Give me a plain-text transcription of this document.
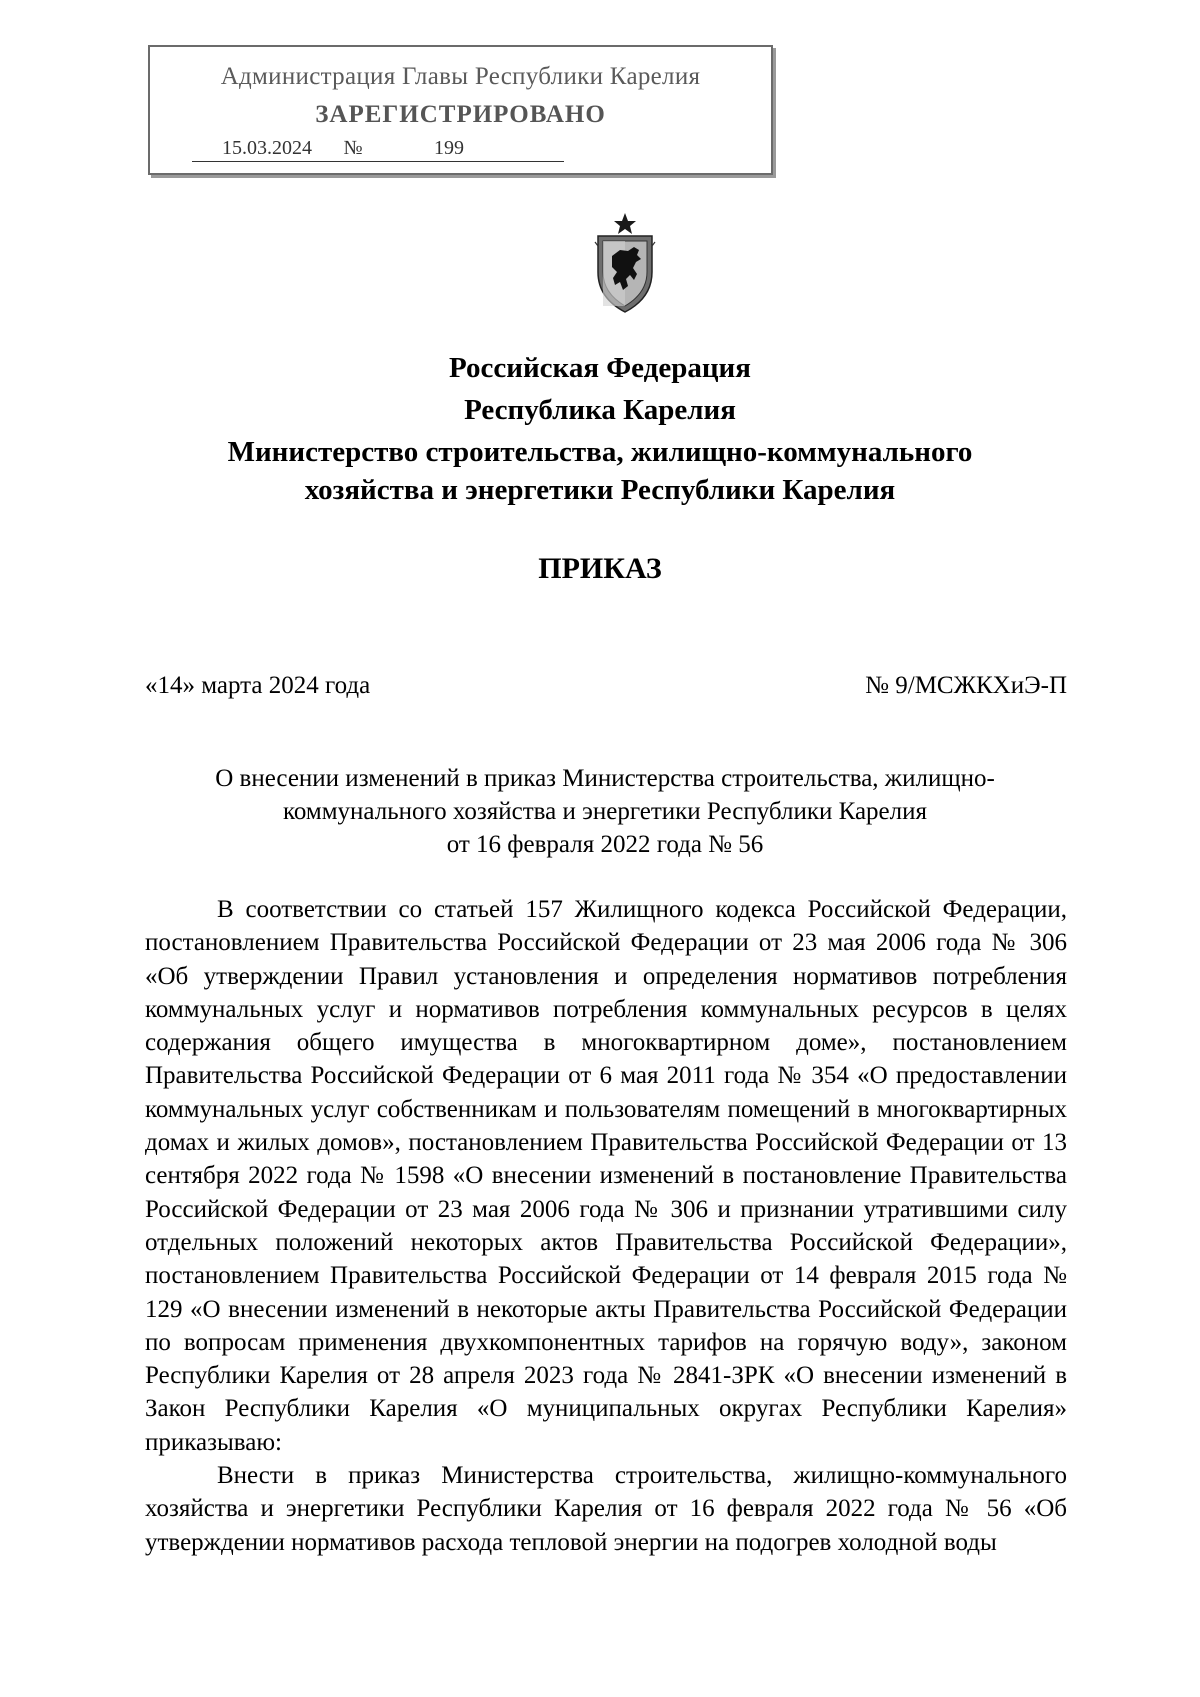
Администрация Главы Республики Карелия
ЗАРЕГИСТРИРОВАНО
15.03.2024 №	199
Российская Федерация
Республика Карелия
Министерство строительства, жилищно-коммунального
хозяйства и энергетики Республики Карелия
ПРИКАЗ
«14» марта 2024 года	№ 9/МСЖКХиЭ-П
О внесении изменений в приказ Министерства строительства, жилищно-
коммунального хозяйства и энергетики Республики Карелия
от 16 февраля 2022 года № 56

В соответствии со статьей 157 Жилищного кодекса Российской Федерации, постановлением Правительства Российской Федерации от 23 мая 2006 года № 306 «Об утверждении Правил установления и определения нормативов потребления коммунальных услуг и нормативов потребления коммунальных ресурсов в целях содержания общего имущества в многоквартирном доме», постановлением Правительства Российской Федерации от 6 мая 2011 года № 354 «О предоставлении коммунальных услуг собственникам и пользователям помещений в многоквартирных домах и жилых домов», постановлением Правительства Российской Федерации от 13 сентября 2022 года № 1598 «О внесении изменений в постановление Правительства Российской Федерации от 23 мая 2006 года № 306 и признании утратившими силу отдельных положений некоторых актов Правительства Российской Федерации», постановлением Правительства Российской Федерации от 14 февраля 2015 года № 129 «О внесении изменений в некоторые акты Правительства Российской Федерации по вопросам применения двухкомпонентных тарифов на горячую воду», законом Республики Карелия от 28 апреля 2023 года № 2841-ЗРК «О внесении изменений в Закон Республики Карелия «О муниципальных округах Республики Карелия» приказываю:

Внести в приказ Министерства строительства, жилищно-коммунального хозяйства и энергетики Республики Карелия от 16 февраля 2022 года № 56 «Об утверждении нормативов расхода тепловой энергии на подогрев холодной воды
